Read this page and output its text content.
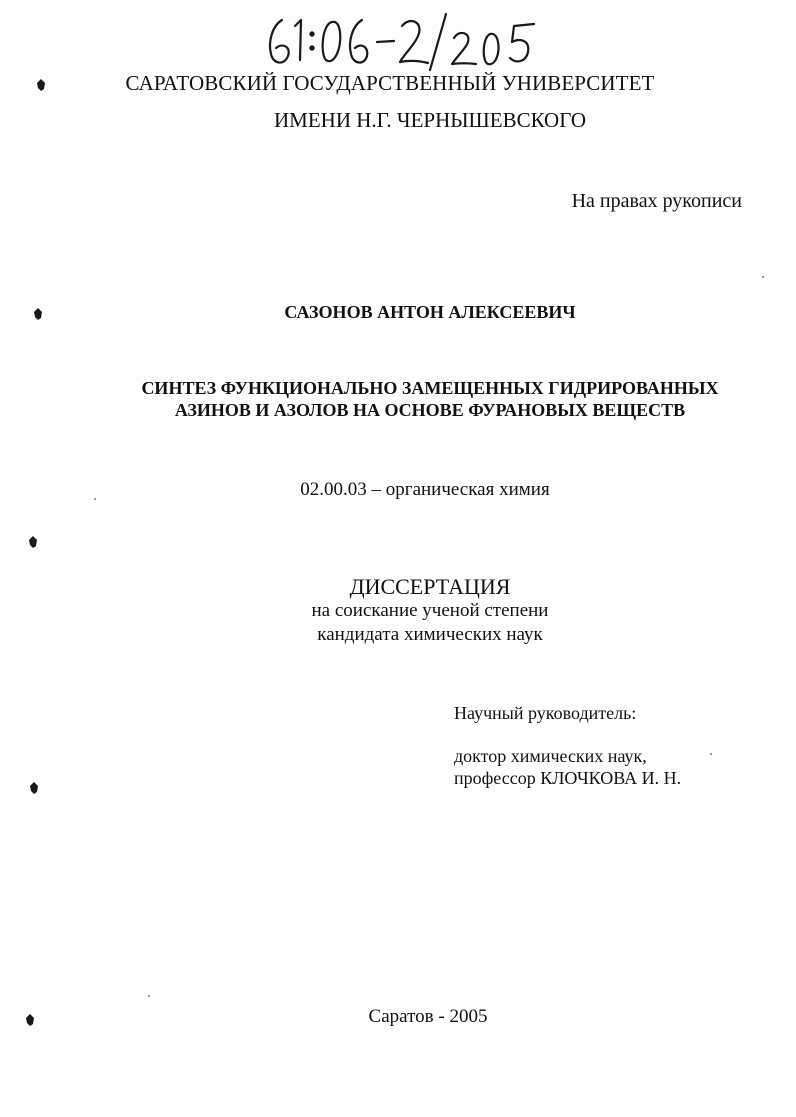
САРАТОВСКИЙ ГОСУДАРСТВЕННЫЙ УНИВЕРСИТЕТ
ИМЕНИ Н.Г. ЧЕРНЫШЕВСКОГО
На правах рукописи
САЗОНОВ АНТОН АЛЕКСЕЕВИЧ
СИНТЕЗ ФУНКЦИОНАЛЬНО ЗАМЕЩЕННЫХ ГИДРИРОВАННЫХ
АЗИНОВ И АЗОЛОВ НА ОСНОВЕ ФУРАНОВЫХ ВЕЩЕСТВ
02.00.03 – органическая химия
ДИССЕРТАЦИЯ
на соискание ученой степени
кандидата химических наук
Научный руководитель:
доктор химических наук,
профессор КЛОЧКОВА И. Н.
Саратов - 2005
